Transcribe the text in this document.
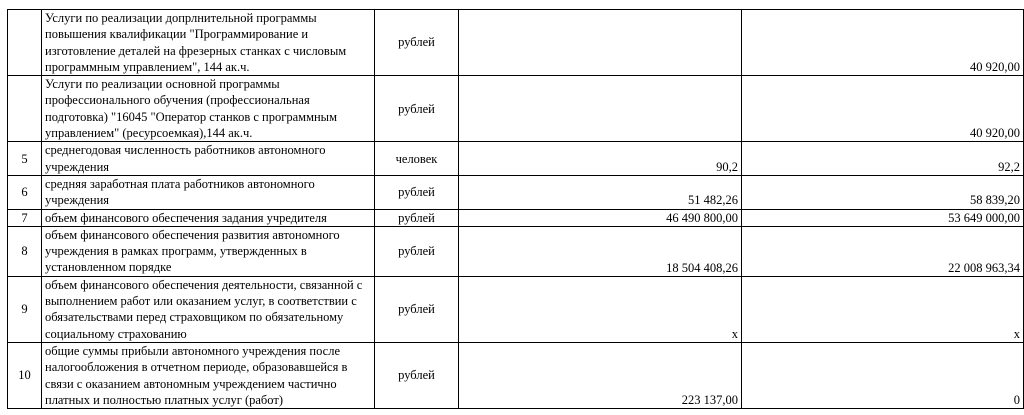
	Услуги по реализации допрлнительной программы
повышения квалификации "Программирование и
изготовление деталей на фрезерных станках с числовым
программным управлением", 144 ак.ч.	рублей		40 920,00
	Услуги по реализации основной программы
профессионального обучения (профессиональная
подготовка) "16045 "Оператор станков с программным
управлением" (ресурсоемкая),144 ак.ч.	рублей		40 920,00
5	среднегодовая численность работников автономного
учреждения	человек	90,2	92,2
6	средняя заработная плата работников автономного
учреждения	рублей	51 482,26	58 839,20
7	объем финансового обеспечения задания учредителя	рублей	46 490 800,00	53 649 000,00
8	объем финансового обеспечения развития автономного
учреждения в рамках программ, утвержденных в
установленном порядке	рублей	18 504 408,26	22 008 963,34
9	объем финансового обеспечения деятельности, связанной с
выполнением работ или оказанием услуг, в соответствии с
обязательствами перед страховщиком по обязательному
социальному страхованию	рублей	х	х
10	общие суммы прибыли автономного учреждения после
налогообложения в отчетном периоде, образовавшейся в
связи с оказанием автономным учреждением частично
платных и полностью платных услуг (работ)	рублей	223 137,00	0
